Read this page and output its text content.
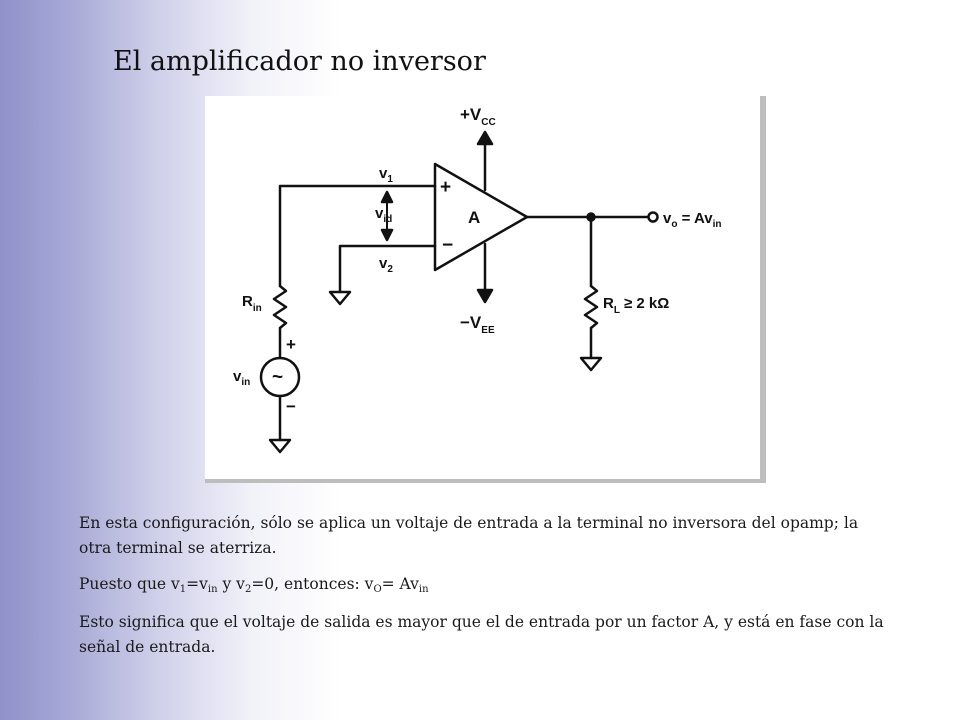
El amplificador no inversor
$+V_{CC}$
$-V_{EE}$
$v_1$
$v_{id}$
$v_2$
+
−
A	$v_o = Av_{in}$
$R_{in}$
$v_{in}$
+
−
~
$R_L \ge 2$ kΩ
En esta configuración, sólo se aplica un voltaje de entrada a la terminal no inversora del opamp; la otra terminal se aterriza.
Puesto que $v_1=v_{in}$ y $v_2=0$, entonces: $v_O= Av_{in}$
Esto significa que el voltaje de salida es mayor que el de entrada por un factor A, y está en fase con la señal de entrada.
